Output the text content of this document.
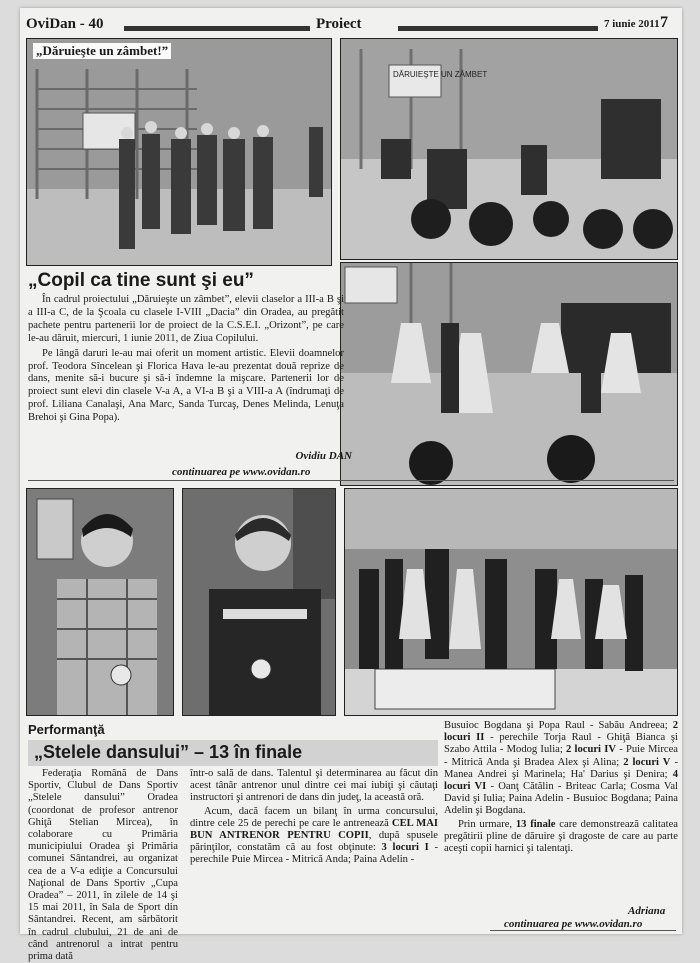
OviDan - 40	Proiect	7 iunie 2011 7
„Dăruieşte un zâmbet!”
DĂRUIEŞTE UN ZÂMBET
„Copil ca tine sunt şi eu”

În cadrul proiectului „Dăruieşte un zâmbet”, elevii claselor a III-a B şi a III-a C, de la Şcoala cu clasele I-VIII „Dacia” din Oradea, au pregătit pachete pentru partenerii lor de proiect de la C.S.E.I. „Orizont”, pe care le-au dăruit, miercuri, 1 iunie 2011, de Ziua Copilului.

Pe lângă daruri le-au mai oferit un moment artistic. Elevii doamnelor prof. Teodora Sîncelean şi Florica Hava le-au prezentat două reprize de dans, menite să-i bucure şi să-i îndemne la mişcare. Partenerii lor de proiect sunt elevi din clasele V-a A, a VI-a B şi a VIII-a A (îndrumaţi de prof. Liliana Canalaşi, Ana Marc, Sanda Turcaş, Denes Melinda, Lenuţa Brehoi şi Gina Popa).

Ovidiu DAN
continuarea pe www.ovidan.ro
Performanţă
„Stelele dansului” – 13 în finale

Federaţia Română de Dans Sportiv, Clubul de Dans Sportiv „Stelele dansului” Oradea (coordonat de profesor antrenor Ghiţă Stelian Mircea), în colaborare cu Primăria municipiului Oradea şi Primăria comunei Sântandrei, au organizat cea de a V-a ediţie a Concursului Naţional de Dans Sportiv „Cupa Oradea” – 2011, în zilele de 14 şi 15 mai 2011, în Sala de Sport din Sântandrei. Recent, am sărbătorit în cadrul clubului, 21 de ani de când antrenorul a intrat pentru prima dată

într-o sală de dans. Talentul şi determinarea au făcut din acest tânăr antrenor unul dintre cei mai iubiţi şi căutaţi instructori şi antrenori de dans din judeţ, la această oră.

Acum, dacă facem un bilanţ în urma concursului, dintre cele 25 de perechi pe care le antrenează CEL MAI BUN ANTRENOR PENTRU COPII, după spusele părinţilor, constatăm că au fost obţinute: 3 locuri I - perechile Puie Mircea - Mitrică Anda; Paina Adelin -

Busuioc Bogdana şi Popa Raul - Sabău Andreea; 2 locuri II - perechile Torja Raul - Ghiţă Bianca şi Szabo Attila - Modog Iulia; 2 locuri IV - Puie Mircea - Mitrică Anda şi Bradea Alex şi Alina; 2 locuri V - Manea Andrei şi Marinela; Ha' Darius şi Denira; 4 locuri VI - Oanţ Cătălin - Briteac Carla; Cosma Val David şi Iulia; Paina Adelin - Busuioc Bogdana; Paina Adelin şi Bogdana.

Prin urmare, 13 finale care demonstrează calitatea pregătirii pline de dăruire şi dragoste de care au parte aceşti copii harnici şi talentaţi.

Adriana
continuarea pe www.ovidan.ro
